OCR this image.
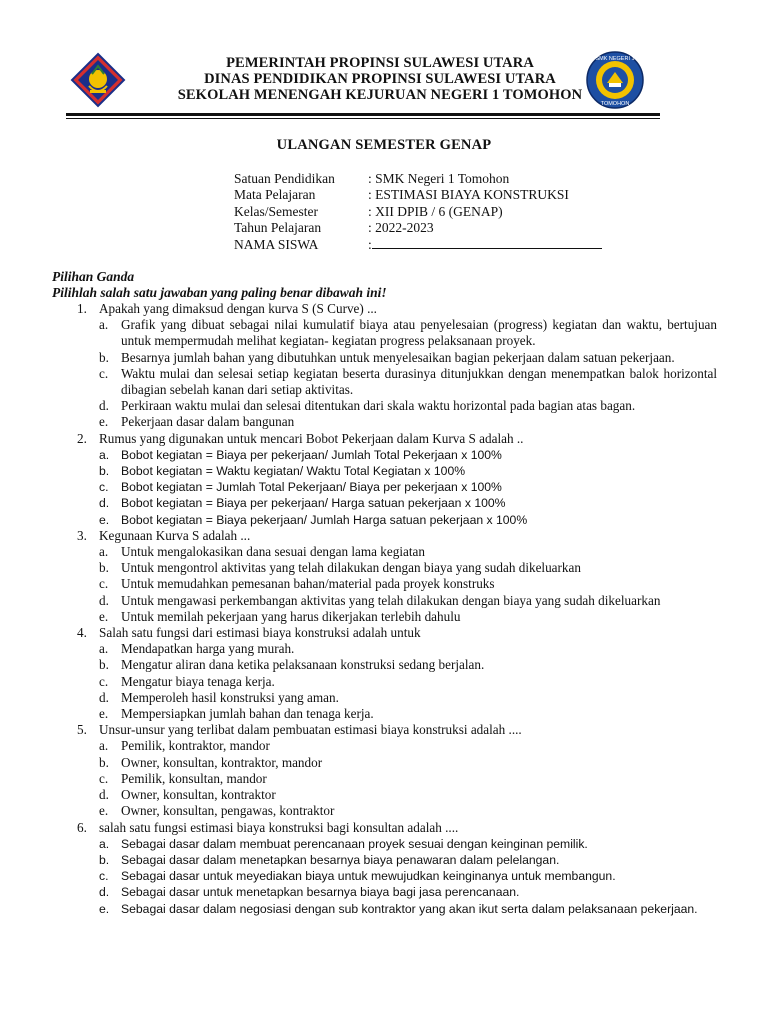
PEMERINTAH PROPINSI SULAWESI UTARA
DINAS PENDIDIKAN PROPINSI SULAWESI UTARA
SEKOLAH MENENGAH KEJURUAN NEGERI 1 TOMOHON
SMK NEGERI 1
TOMOHON
ULANGAN SEMESTER GENAP
Satuan Pendidikan	: SMK Negeri 1 Tomohon
Mata Pelajaran	: ESTIMASI BIAYA KONSTRUKSI
Kelas/Semester	: XII DPIB / 6 (GENAP)
Tahun Pelajaran	: 2022-2023
NAMA SISWA	:
Pilihan Ganda
Pilihlah salah satu jawaban yang paling benar dibawah ini!
1. Apakah yang dimaksud dengan kurva S (S Curve) ...
a. Grafik yang dibuat sebagai nilai kumulatif biaya atau penyelesaian (progress) kegiatan dan waktu, bertujuan untuk mempermudah melihat kegiatan- kegiatan progress pelaksanaan proyek.
b. Besarnya jumlah bahan yang dibutuhkan untuk menyelesaikan bagian pekerjaan dalam satuan pekerjaan.
c. Waktu mulai dan selesai setiap kegiatan beserta durasinya ditunjukkan dengan menempatkan balok horizontal dibagian sebelah kanan dari setiap aktivitas.
d. Perkiraan waktu mulai dan selesai ditentukan dari skala waktu horizontal pada bagian atas bagan.
e. Pekerjaan dasar dalam bangunan
2. Rumus yang digunakan untuk mencari Bobot Pekerjaan dalam Kurva S adalah ..
a. Bobot kegiatan = Biaya per pekerjaan/ Jumlah Total Pekerjaan x 100%
b. Bobot kegiatan = Waktu kegiatan/ Waktu Total Kegiatan x 100%
c.	Bobot kegiatan = Jumlah Total Pekerjaan/ Biaya per pekerjaan x 100%
d. Bobot kegiatan = Biaya per pekerjaan/ Harga satuan pekerjaan x 100%
e. Bobot kegiatan = Biaya pekerjaan/ Jumlah Harga satuan pekerjaan x 100%
3. Kegunaan Kurva S adalah ...
a. Untuk mengalokasikan dana sesuai dengan lama kegiatan
b. Untuk mengontrol aktivitas yang telah dilakukan dengan biaya yang sudah dikeluarkan
c. Untuk memudahkan pemesanan bahan/material pada proyek konstruks
d. Untuk mengawasi perkembangan aktivitas yang telah dilakukan dengan biaya yang sudah dikeluarkan
e. Untuk memilah pekerjaan yang harus dikerjakan terlebih dahulu
4. Salah satu fungsi dari estimasi biaya konstruksi adalah untuk
a. Mendapatkan harga yang murah.
b. Mengatur aliran dana ketika pelaksanaan konstruksi sedang berjalan.
c. Mengatur biaya tenaga kerja.
d. Memperoleh hasil konstruksi yang aman.
e. Mempersiapkan jumlah bahan dan tenaga kerja.
5. Unsur-unsur yang terlibat dalam pembuatan estimasi biaya konstruksi adalah ....
a. Pemilik, kontraktor, mandor
b. Owner, konsultan, kontraktor, mandor
c. Pemilik, konsultan, mandor
d. Owner, konsultan, kontraktor
e. Owner, konsultan, pengawas, kontraktor
6. salah satu fungsi estimasi biaya konstruksi bagi konsultan adalah ....
a. Sebagai dasar dalam membuat perencanaan proyek sesuai dengan keinginan pemilik.
b. Sebagai dasar dalam menetapkan besarnya biaya penawaran dalam pelelangan.
c.	Sebagai dasar untuk meyediakan biaya untuk mewujudkan keinginanya untuk membangun.
d. Sebagai dasar untuk menetapkan besarnya biaya bagi jasa perencanaan.
e. Sebagai dasar dalam negosiasi dengan sub kontraktor yang akan ikut serta dalam pelaksanaan pekerjaan.
